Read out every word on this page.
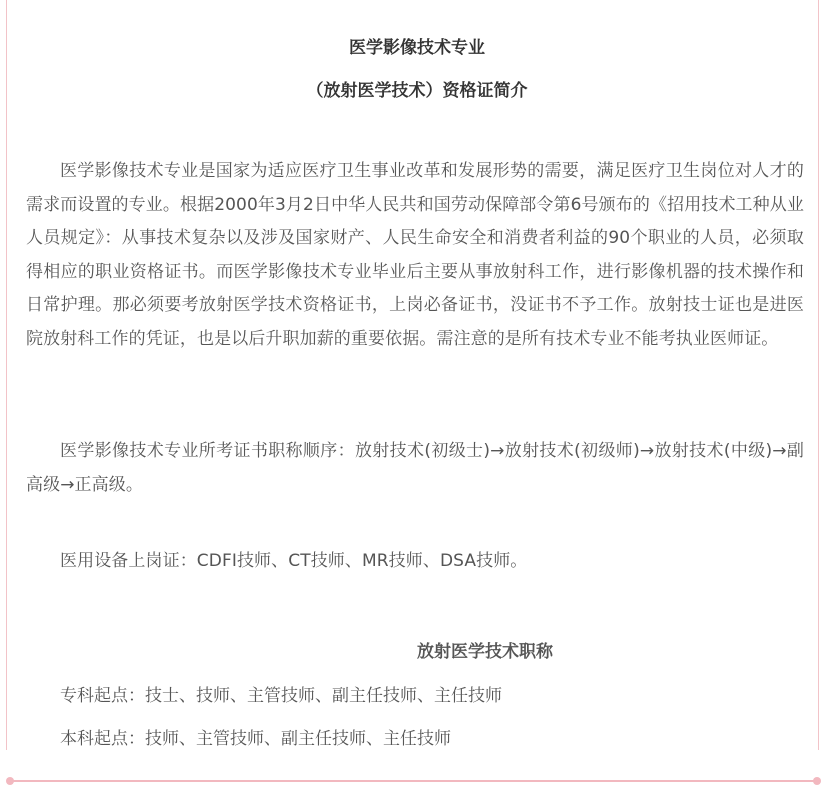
医学影像技术专业
（放射医学技术）资格证简介
医学影像技术专业是国家为适应医疗卫生事业改革和发展形势的需要，满足医疗卫生岗位对人才的需求而设置的专业。根据2000年3月2日中华人民共和国劳动保障部令第6号颁布的《招用技术工种从业人员规定》：从事技术复杂以及涉及国家财产、人民生命安全和消费者利益的90个职业的人员，必须取得相应的职业资格证书。而医学影像技术专业毕业后主要从事放射科工作，进行影像机器的技术操作和日常护理。那必须要考放射医学技术资格证书，上岗必备证书，没证书不予工作。放射技士证也是进医院放射科工作的凭证，也是以后升职加薪的重要依据。需注意的是所有技术专业不能考执业医师证。
医学影像技术专业所考证书职称顺序：放射技术(初级士)→放射技术(初级师)→放射技术(中级)→副高级→正高级。
医用设备上岗证：CDFI技师、CT技师、MR技师、DSA技师。
放射医学技术职称
专科起点：技士、技师、主管技师、副主任技师、主任技师
本科起点：技师、主管技师、副主任技师、主任技师
